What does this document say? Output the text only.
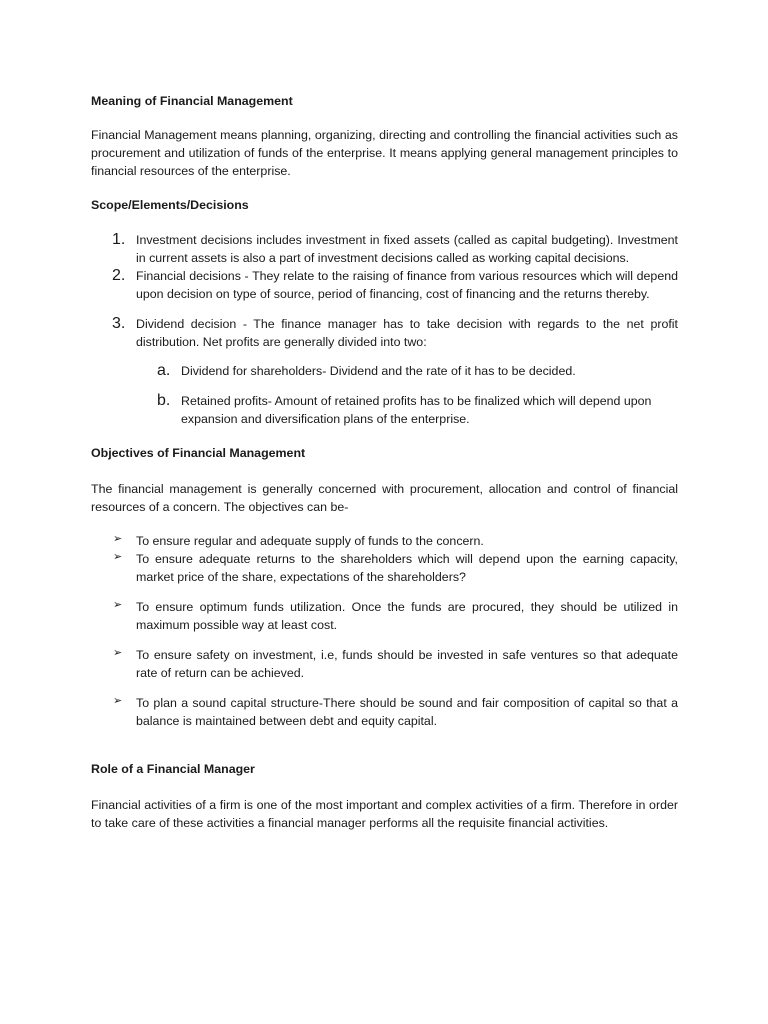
Meaning of Financial Management

Financial Management means planning, organizing, directing and controlling the financial activities such as procurement and utilization of funds of the enterprise. It means applying general management principles to financial resources of the enterprise.

Scope/Elements/Decisions

1. Investment decisions includes investment in fixed assets (called as capital budgeting). Investment in current assets is also a part of investment decisions called as working capital decisions.

2. Financial decisions - They relate to the raising of finance from various resources which will depend upon decision on type of source, period of financing, cost of financing and the returns thereby.

3. Dividend decision - The finance manager has to take decision with regards to the net profit distribution. Net profits are generally divided into two:

a. Dividend for shareholders- Dividend and the rate of it has to be decided.

b. Retained profits- Amount of retained profits has to be finalized which will depend upon expansion and diversification plans of the enterprise.

Objectives of Financial Management

The financial management is generally concerned with procurement, allocation and control of financial resources of a concern. The objectives can be-

➢ To ensure regular and adequate supply of funds to the concern.

➢ To ensure adequate returns to the shareholders which will depend upon the earning capacity, market price of the share, expectations of the shareholders?

➢ To ensure optimum funds utilization. Once the funds are procured, they should be utilized in maximum possible way at least cost.

➢ To ensure safety on investment, i.e, funds should be invested in safe ventures so that adequate rate of return can be achieved.

➢ To plan a sound capital structure-There should be sound and fair composition of capital so that a balance is maintained between debt and equity capital.

Role of a Financial Manager

Financial activities of a firm is one of the most important and complex activities of a firm. Therefore in order to take care of these activities a financial manager performs all the requisite financial activities.
